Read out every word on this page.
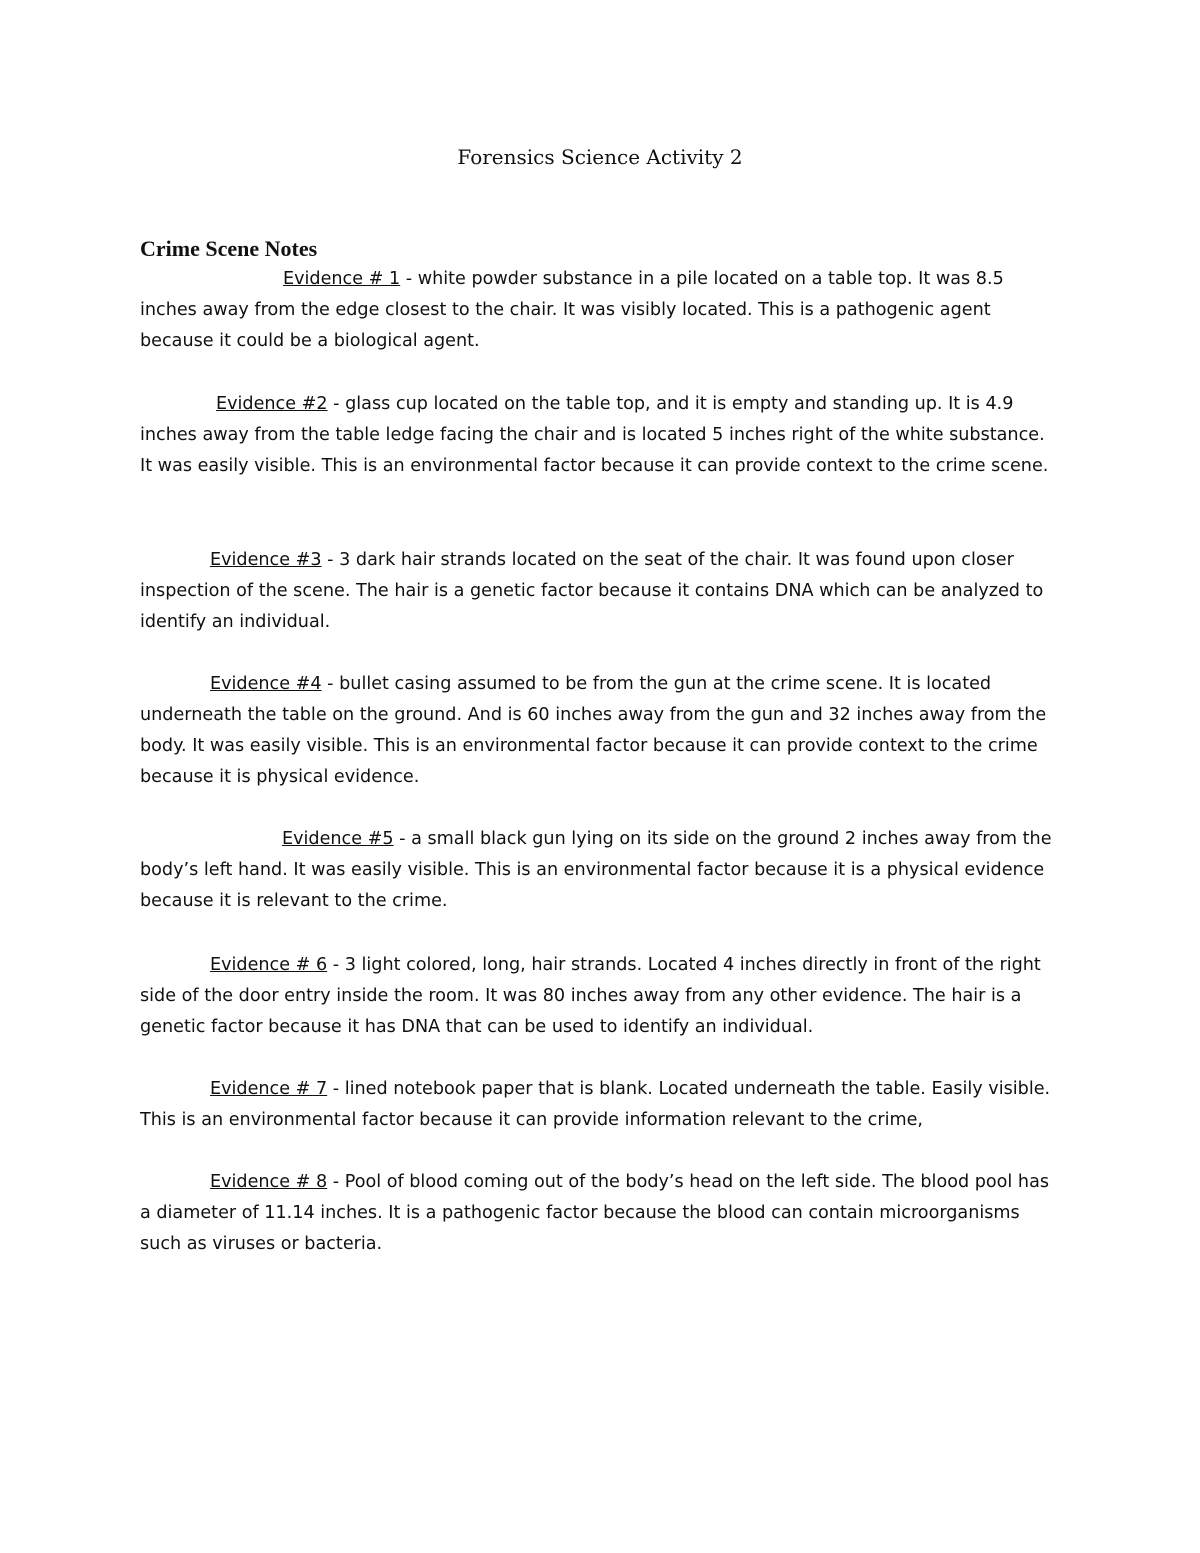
Forensics Science Activity 2
Crime Scene Notes

Evidence # 1 - white powder substance in a pile located on a table top. It was 8.5 inches away from the edge closest to the chair. It was visibly located. This is a pathogenic agent because it could be a biological agent.

Evidence #2 - glass cup located on the table top, and it is empty and standing up. It is 4.9 inches away from the table ledge facing the chair and is located 5 inches right of the white substance. It was easily visible. This is an environmental factor because it can provide context to the crime scene.

Evidence #3 - 3 dark hair strands located on the seat of the chair. It was found upon closer inspection of the scene. The hair is a genetic factor because it contains DNA which can be analyzed to identify an individual.

Evidence #4 - bullet casing assumed to be from the gun at the crime scene. It is located underneath the table on the ground. And is 60 inches away from the gun and 32 inches away from the body. It was easily visible. This is an environmental factor because it can provide context to the crime because it is physical evidence.

Evidence #5 - a small black gun lying on its side on the ground 2 inches away from the body’s left hand. It was easily visible. This is an environmental factor because it is a physical evidence because it is relevant to the crime.

Evidence # 6 - 3 light colored, long, hair strands. Located 4 inches directly in front of the right side of the door entry inside the room. It was 80 inches away from any other evidence. The hair is a genetic factor because it has DNA that can be used to identify an individual.

Evidence # 7 - lined notebook paper that is blank. Located underneath the table. Easily visible. This is an environmental factor because it can provide information relevant to the crime,

Evidence # 8 - Pool of blood coming out of the body’s head on the left side. The blood pool has a diameter of 11.14 inches. It is a pathogenic factor because the blood can contain microorganisms such as viruses or bacteria.
